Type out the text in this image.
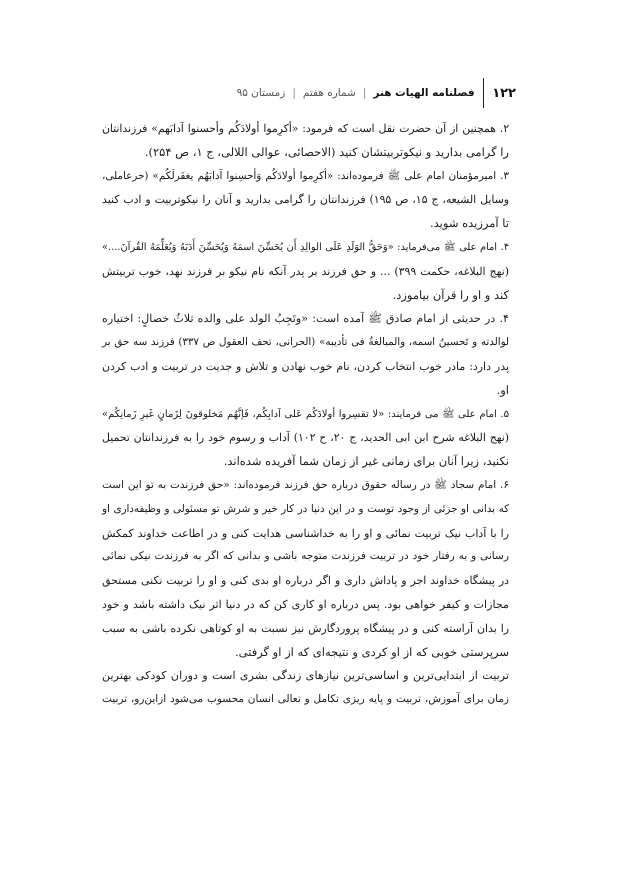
۱۲۲
فصلنامه الهیات هنر
|
شماره هفتم
|
زمستان ۹۵

۲. همچنین از آن حضرت نقل است که فرمود: «أکرِموا أولادَکُم وأحسنوا آدابَهم» فرزندانتان
را گرامی بدارید و نیکوتربیتشان کنید (الاحصائی، عوالی اللالی، ج ۱، ص ۲۵۴).

۳. امیرمؤمنان امام علی ﷺ فرموده‌اند: «أکرِموا أولادَکُم وَأحسِنوا آدابَهُم یغفَرلَکُم» (حرعاملی،
وسایل الشیعه، ج ۱۵، ص ۱۹۵) فرزندانتان را گرامی بدارید و آنان را نیکوتربیت و ادب کنید
تا آمرزیده شوید.

۴. امام علی ﷺ می‌فرماید: «وَحَقُّ الوَلَدِ عَلَی الوالِدِ أَن یُحَسِّنَ اسمَهُ وَیُحَسِّنَ أَدَبَهُ وَیُعَلِّمَهُ القُرآنَ....»
(نهج البلاغه، حکمت ۳۹۹) ... و حق فرزند بر پدر آنکه نام نیکو بر فرزند نهد، خوب تربیتش
کند و او را قرآن بیاموزد.

۴. در حدیثی از امام صادق ﷺ آمده است: «وتَجِبُ الولد علی والده ثلاثُ خصالٍ: اختیاره
لوالدته و تَحسینُ اسمه، والمبالغةُ فی تأدیبه» (الحرانی، تحف العقول ص ۳۳۷) فرزند سه حق بر
پدر دارد: مادر خوب انتخاب کردن، نام خوب نهادن و تلاش و جدیت در تربیت و ادب کردن
او.

۵. امام علی ﷺ می فرمایند: «لا تقسِروا أولادَکُم عَلی آدابِکُم، فَإنَّهُم مَخلوقونَ لِزَمانٍ غَیرِ زَمانِکُم»
(نهج البلاغه شرح ابن ابی الحدید، ج ۲۰، ح ۱۰۲) آداب و رسوم خود را به فرزندانتان تحمیل
نکنید، زیرا آنان برای زمانی غیر از زمان شما آفریده شده‌اند.

۶. امام سجاد ﷺ در رساله حقوق درباره حق فرزند فرموده‌اند: «حق فرزندت به تو این است
که بدانی او جزئی از وجود توست و در این دنیا در کار خیر و شرش تو مسئولی و وظیفه‌داری او
را با آداب نیک تربیت نمائی و او را به خداشناسی هدایت کنی و در اطاعت خداوند کمکش
رسانی و به رفتار خود در تربیت فرزندت متوجه باشی و بدانی که اگر به فرزندت نیکی نمائی
در پیشگاه خداوند اجر و پاداش داری و اگر درباره او بدی کنی و او را تربیت نکنی مستحق
مجازات و کیفر خواهی بود. پس درباره او کاری کن که در دنیا اثر نیک داشته باشد و خود
را بدان آراسته کنی و در پیشگاه پروردگارش نیز نسبت به او کوتاهی نکرده باشی به سبب
سرپرستی خوبی که از او کردی و نتیجه‌ای که از او گرفتی.

تربیت از ابتدایی‌ترین و اساسی‌ترین نیازهای زندگی بشری است و دوران کودکی بهترین
زمان برای آموزش، تربیت و پایه ریزی تکامل و تعالی انسان محسوب می‌شود ازاین‌رو، تربیت
